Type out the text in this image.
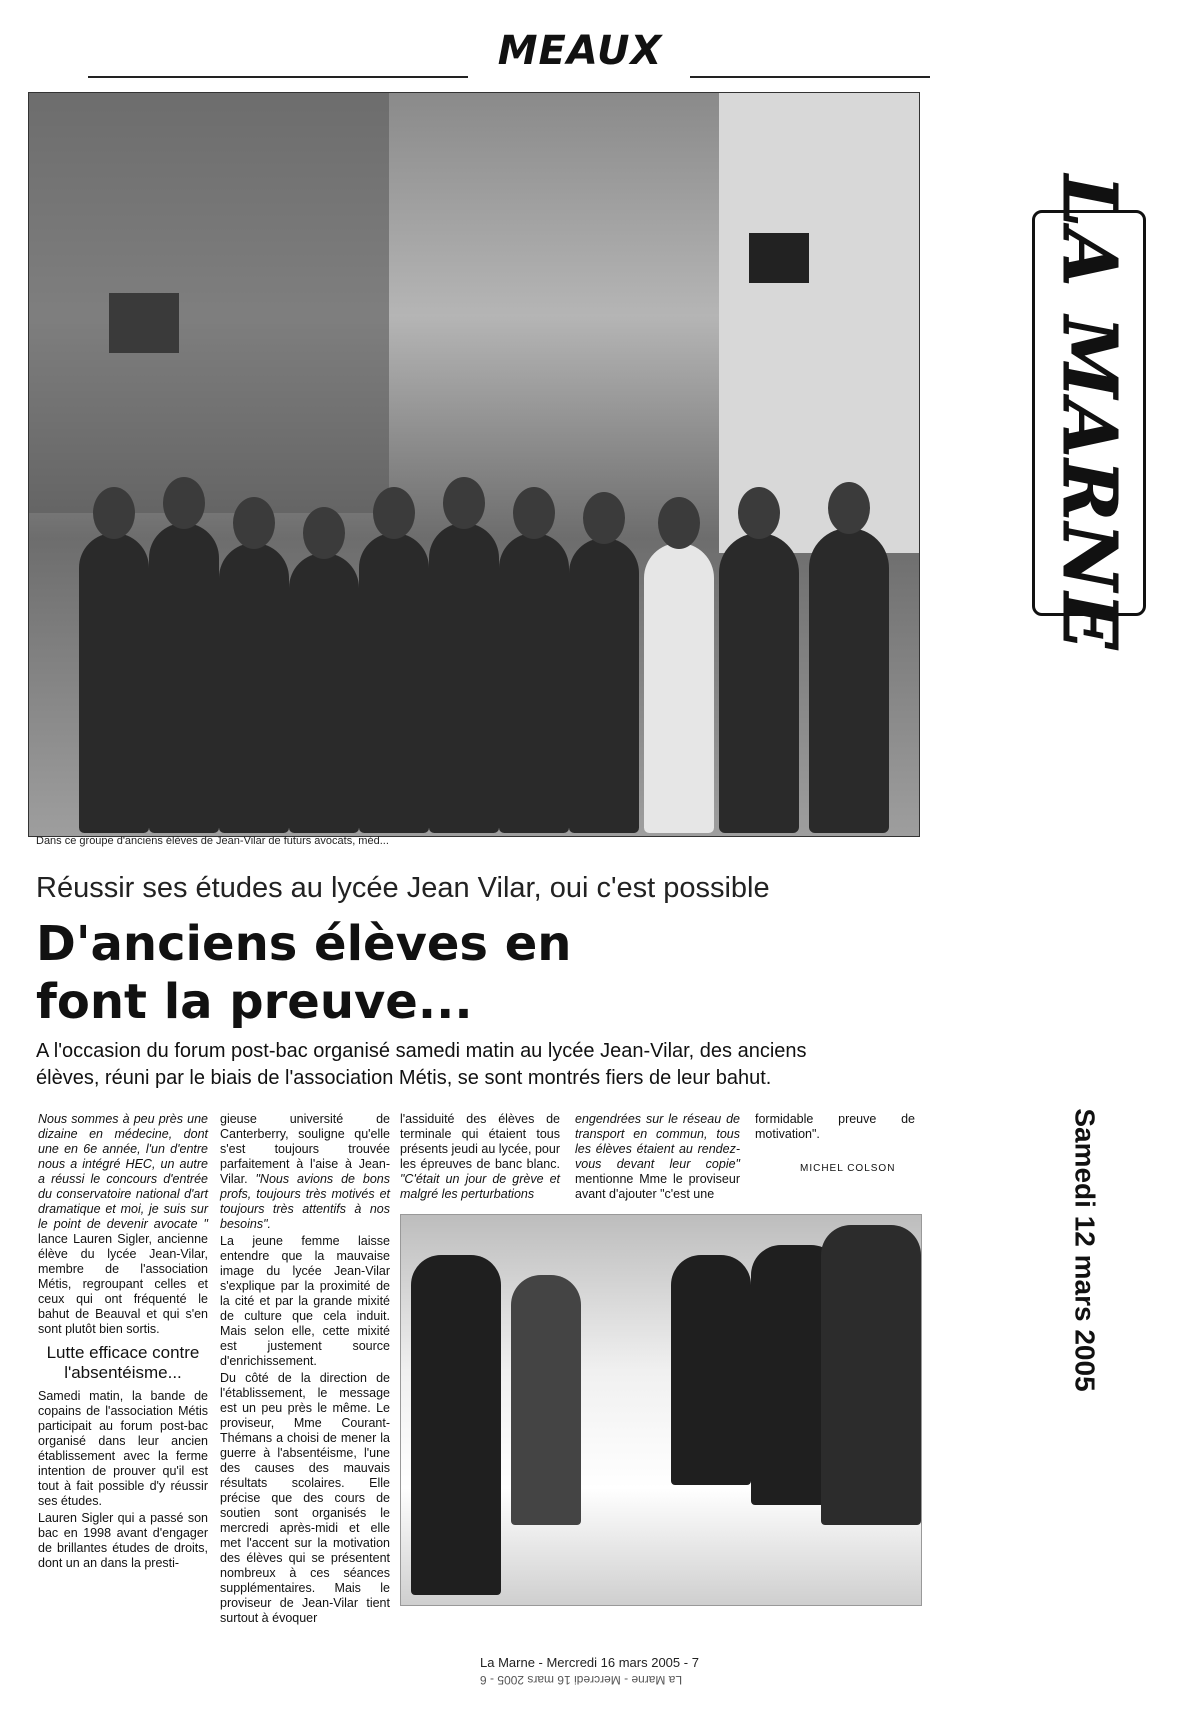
MEAUX
Dans ce groupe d'anciens élèves de Jean-Vilar de futurs avocats, méd...
LA MARNE
Samedi 12 mars 2005
Réussir ses études au lycée Jean Vilar, oui c'est possible
D'anciens élèves en font la preuve...
A l'occasion du forum post-bac organisé samedi matin au lycée Jean-Vilar, des anciens élèves, réuni par le biais de l'association Métis, se sont montrés fiers de leur bahut.

Nous sommes à peu près une dizaine en médecine, dont une en 6e année, l'un d'entre nous a intégré HEC, un autre a réussi le concours d'entrée du conservatoire national d'art dramatique et moi, je suis sur le point de devenir avocate " lance Lauren Sigler, ancienne élève du lycée Jean-Vilar, membre de l'association Métis, regroupant celles et ceux qui ont fréquenté le bahut de Beauval et qui s'en sont plutôt bien sortis.

Lutte efficace contre l'absentéisme...

Samedi matin, la bande de copains de l'association Métis participait au forum post-bac organisé dans leur ancien établissement avec la ferme intention de prouver qu'il est tout à fait possible d'y réussir ses études.

Lauren Sigler qui a passé son bac en 1998 avant d'engager de brillantes études de droits, dont un an dans la presti-

gieuse université de Canterberry, souligne qu'elle s'est toujours trouvée parfaitement à l'aise à Jean-Vilar. "Nous avions de bons profs, toujours très motivés et toujours très attentifs à nos besoins".

La jeune femme laisse entendre que la mauvaise image du lycée Jean-Vilar s'explique par la proximité de la cité et par la grande mixité de culture que cela induit. Mais selon elle, cette mixité est justement source d'enrichissement.

Du côté de la direction de l'établissement, le message est un peu près le même. Le proviseur, Mme Courant-Thémans a choisi de mener la guerre à l'absentéisme, l'une des causes des mauvais résultats scolaires. Elle précise que des cours de soutien sont organisés le mercredi après-midi et elle met l'accent sur la motivation des élèves qui se présentent nombreux à ces séances supplémentaires. Mais le proviseur de Jean-Vilar tient surtout à évoquer

l'assiduité des élèves de terminale qui étaient tous présents jeudi au lycée, pour les épreuves de banc blanc. "C'était un jour de grève et malgré les perturbations

engendrées sur le réseau de transport en commun, tous les élèves étaient au rendez-vous devant leur copie" mentionne Mme le proviseur avant d'ajouter "c'est une

formidable preuve de motivation".

MICHEL COLSON
La Marne - Mercredi 16 mars 2005 - 7
La Marne - Mercredi 16 mars 2005 - 6
